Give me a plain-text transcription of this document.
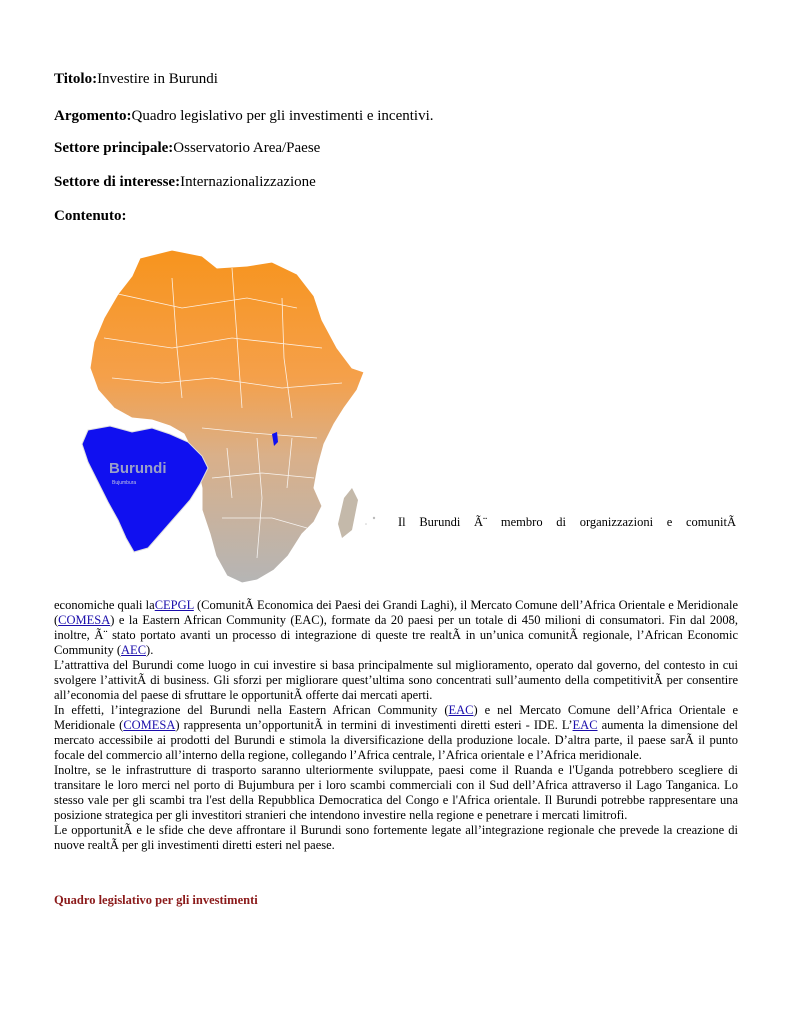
Titolo:Investire in Burundi
Argomento:Quadro legislativo per gli investimenti e incentivi.
Settore principale:Osservatorio Area/Paese
Settore di interesse:Internazionalizzazione
Contenuto:
Burundi
Bujumbura
Il Burundi Ã¨ membro di organizzazioni e comunitÃ

economiche quali laCEPGL (ComunitÃ Economica dei Paesi dei Grandi Laghi), il Mercato Comune dell’Africa Orientale e Meridionale (COMESA) e la Eastern African Community (EAC), formate da 20 paesi per un totale di 450 milioni di consumatori. Fin dal 2008, inoltre, Ã¨ stato portato avanti un processo di integrazione di queste tre realtÃ in un’unica comunitÃ regionale, l’African Economic Community (AEC).

L’attrattiva del Burundi come luogo in cui investire si basa principalmente sul miglioramento, operato dal governo, del contesto in cui svolgere l’attivitÃ di business. Gli sforzi per migliorare quest’ultima sono concentrati sull’aumento della competitivitÃ per consentire all’economia del paese di sfruttare le opportunitÃ offerte dai mercati aperti.

In effetti, l’integrazione del Burundi nella Eastern African Community (EAC) e nel Mercato Comune dell’Africa Orientale e Meridionale (COMESA) rappresenta un’opportunitÃ in termini di investimenti diretti esteri - IDE. L’EAC aumenta la dimensione del mercato accessibile ai prodotti del Burundi e stimola la diversificazione della produzione locale. D’altra parte, il paese sarÃ il punto focale del commercio all’interno della regione, collegando l’Africa centrale, l’Africa orientale e l’Africa meridionale.

Inoltre, se le infrastrutture di trasporto saranno ulteriormente sviluppate, paesi come il Ruanda e l'Uganda potrebbero scegliere di transitare le loro merci nel porto di Bujumbura per i loro scambi commerciali con il Sud dell’Africa attraverso il Lago Tanganica. Lo stesso vale per gli scambi tra l'est della Repubblica Democratica del Congo e l'Africa orientale. Il Burundi potrebbe rappresentare una posizione strategica per gli investitori stranieri che intendono investire nella regione e penetrare i mercati limitrofi.

Le opportunitÃ e le sfide che deve affrontare il Burundi sono fortemente legate all’integrazione regionale che prevede la creazione di nuove realtÃ per gli investimenti diretti esteri nel paese.

Quadro legislativo per gli investimenti
